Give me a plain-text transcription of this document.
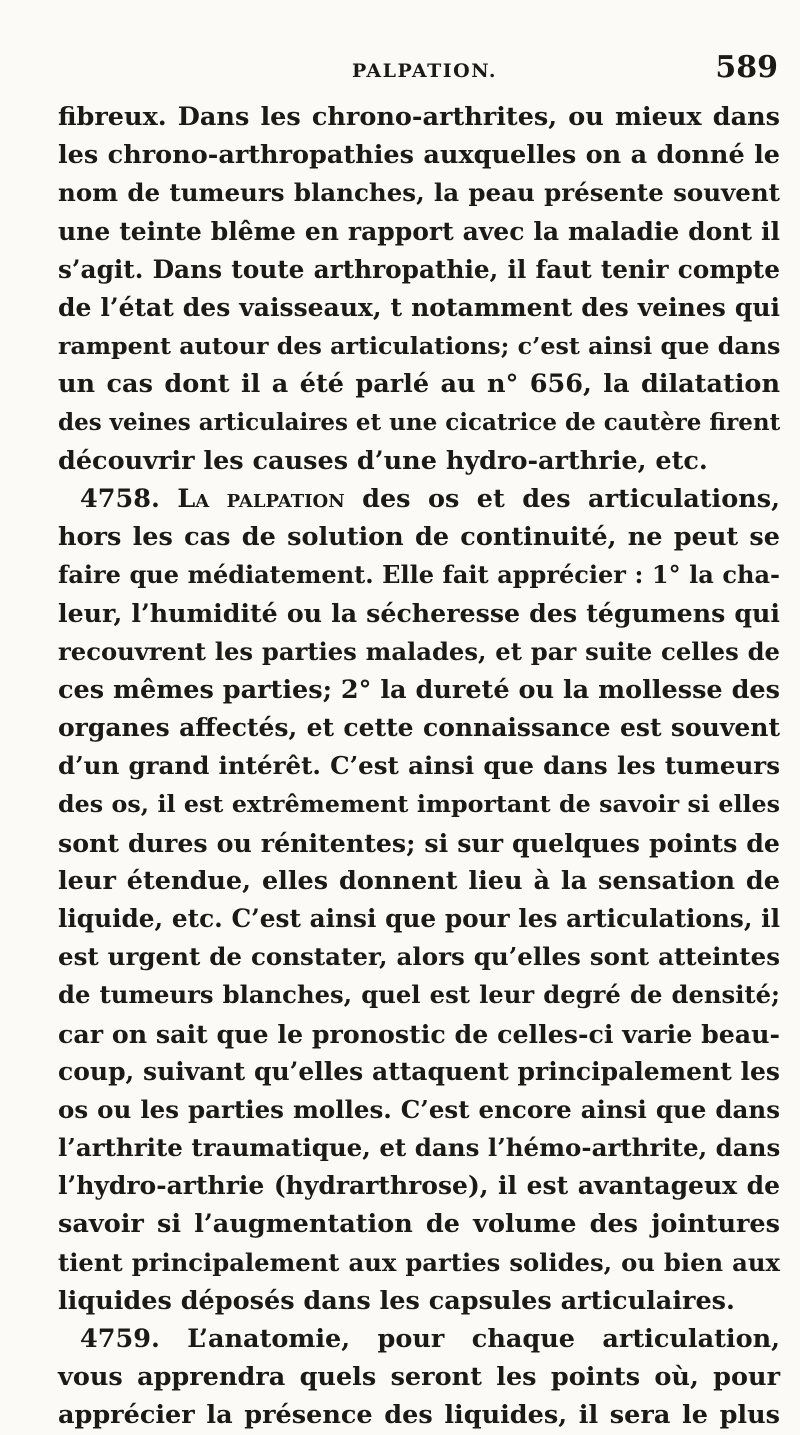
PALPATION.	589
fibreux. Dans les chrono-arthrites, ou mieux dans
les chrono-arthropathies auxquelles on a donné le
nom de tumeurs blanches, la peau présente souvent
une teinte blême en rapport avec la maladie dont il
s’agit. Dans toute arthropathie, il faut tenir compte
de l’état des vaisseaux, t notamment des veines qui
rampent autour des articulations; c’est ainsi que dans
un cas dont il a été parlé au n° 656, la dilatation
des veines articulaires et une cicatrice de cautère firent
découvrir les causes d’une hydro-arthrie, etc.
4758. La palpation des os et des articulations,
hors les cas de solution de continuité, ne peut se
faire que médiatement. Elle fait apprécier : 1° la cha-
leur, l’humidité ou la sécheresse des tégumens qui
recouvrent les parties malades, et par suite celles de
ces mêmes parties; 2° la dureté ou la mollesse des
organes affectés, et cette connaissance est souvent
d’un grand intérêt. C’est ainsi que dans les tumeurs
des os, il est extrêmement important de savoir si elles
sont dures ou rénitentes; si sur quelques points de
leur étendue, elles donnent lieu à la sensation de
liquide, etc. C’est ainsi que pour les articulations, il
est urgent de constater, alors qu’elles sont atteintes
de tumeurs blanches, quel est leur degré de densité;
car on sait que le pronostic de celles-ci varie beau-
coup, suivant qu’elles attaquent principalement les
os ou les parties molles. C’est encore ainsi que dans
l’arthrite traumatique, et dans l’hémo-arthrite, dans
l’hydro-arthrie (hydrarthrose), il est avantageux de
savoir si l’augmentation de volume des jointures
tient principalement aux parties solides, ou bien aux
liquides déposés dans les capsules articulaires.
4759. L’anatomie, pour chaque articulation,
vous apprendra quels seront les points où, pour
apprécier la présence des liquides, il sera le plus
